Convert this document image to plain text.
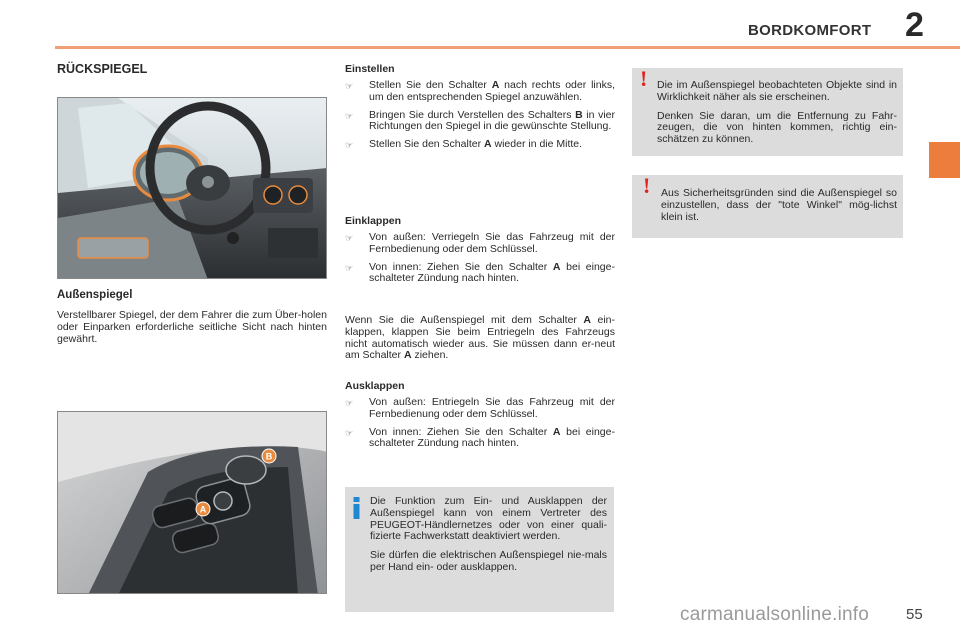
BORDKOMFORT 2
RÜCKSPIEGEL
Außenspiegel
Verstellbarer Spiegel, der dem Fahrer die zum Über-holen oder Einparken erforderliche seitliche Sicht nach hinten gewährt.
A
B
Einstellen
☞	Stellen Sie den Schalter A nach rechts oder links, um den entsprechenden Spiegel anzuwählen.
☞	Bringen Sie durch Verstellen des Schalters B in vier Richtungen den Spiegel in die gewünschte Stellung.
☞	Stellen Sie den Schalter A wieder in die Mitte.
Einklappen
☞	Von außen: Verriegeln Sie das Fahrzeug mit der Fernbedienung oder dem Schlüssel.
☞	Von innen: Ziehen Sie den Schalter A bei einge-schalteter Zündung nach hinten.
Wenn Sie die Außenspiegel mit dem Schalter A ein-klappen, klappen Sie beim Entriegeln des Fahrzeugs nicht automatisch wieder aus. Sie müssen dann er-neut am Schalter A ziehen.
Ausklappen
☞	Von außen: Entriegeln Sie das Fahrzeug mit der Fernbedienung oder dem Schlüssel.
☞	Von innen: Ziehen Sie den Schalter A bei einge-schalteter Zündung nach hinten.

Die Funktion zum Ein- und Ausklappen der Außenspiegel kann von einem Vertreter des PEUGEOT-Händlernetzes oder von einer quali-fizierte Fachwerkstatt deaktiviert werden.

Sie dürfen die elektrischen Außenspiegel nie-mals per Hand ein- oder ausklappen.

Die im Außenspiegel beobachteten Objekte sind in Wirklichkeit näher als sie erscheinen.

Denken Sie daran, um die Entfernung zu Fahr-zeugen, die von hinten kommen, richtig ein-schätzen zu können.

!

Aus Sicherheitsgründen sind die Außenspiegel so einzustellen, dass der "tote Winkel" mög-lichst klein ist.

!
carmanualsonline.info 55
